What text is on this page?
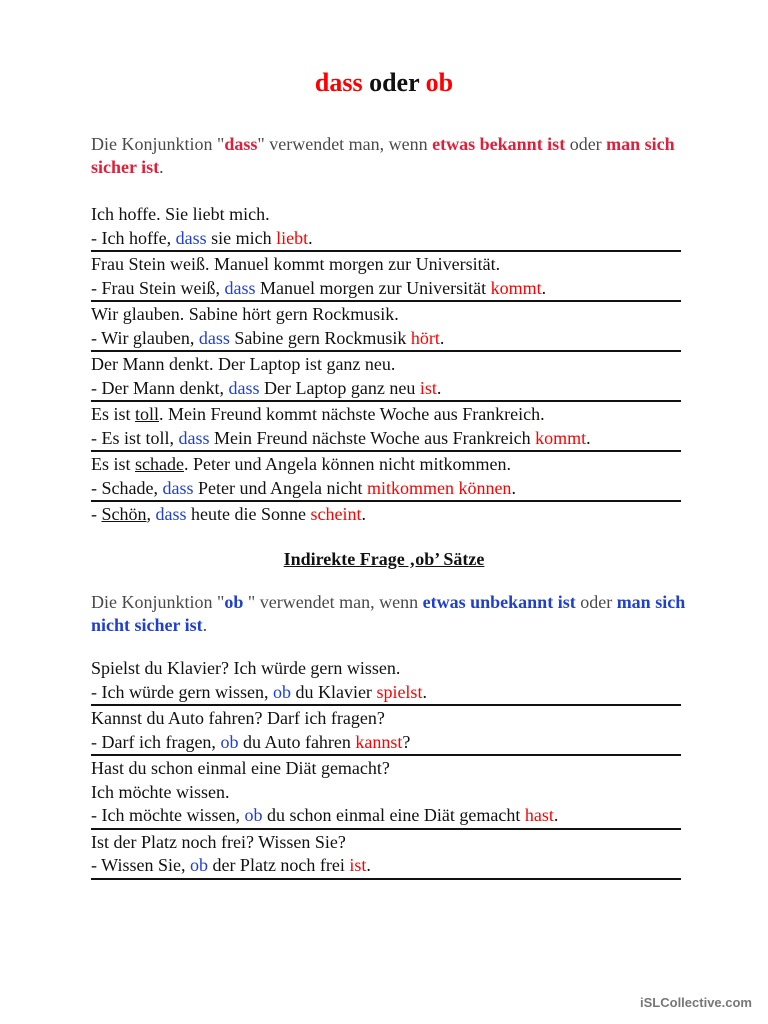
dass oder ob
Die Konjunktion "dass" verwendet man, wenn etwas bekannt ist oder man sich sicher ist.
Ich hoffe. Sie liebt mich.
- Ich hoffe, dass sie mich liebt.
Frau Stein weiß. Manuel kommt morgen zur Universität.
- Frau Stein weiß, dass Manuel morgen zur Universität kommt.
Wir glauben. Sabine hört gern Rockmusik.
- Wir glauben, dass Sabine gern Rockmusik hört.
Der Mann denkt. Der Laptop ist ganz neu.
- Der Mann denkt, dass Der Laptop ganz neu ist.
Es ist toll. Mein Freund kommt nächste Woche aus Frankreich.
- Es ist toll, dass Mein Freund nächste Woche aus Frankreich kommt.
Es ist schade. Peter und Angela können nicht mitkommen.
- Schade, dass Peter und Angela nicht mitkommen können.
- Schön, dass heute die Sonne scheint.
Indirekte Frage ‚ob’ Sätze
Die Konjunktion "ob " verwendet man, wenn etwas unbekannt ist oder man sich nicht sicher ist.
Spielst du Klavier? Ich würde gern wissen.
- Ich würde gern wissen, ob du Klavier spielst.
Kannst du Auto fahren? Darf ich fragen?
- Darf ich fragen, ob du Auto fahren kannst?
Hast du schon einmal eine Diät gemacht?
Ich möchte wissen.
- Ich möchte wissen, ob du schon einmal eine Diät gemacht hast.
Ist der Platz noch frei? Wissen Sie?
- Wissen Sie, ob der Platz noch frei ist.
iSLCollective.com
